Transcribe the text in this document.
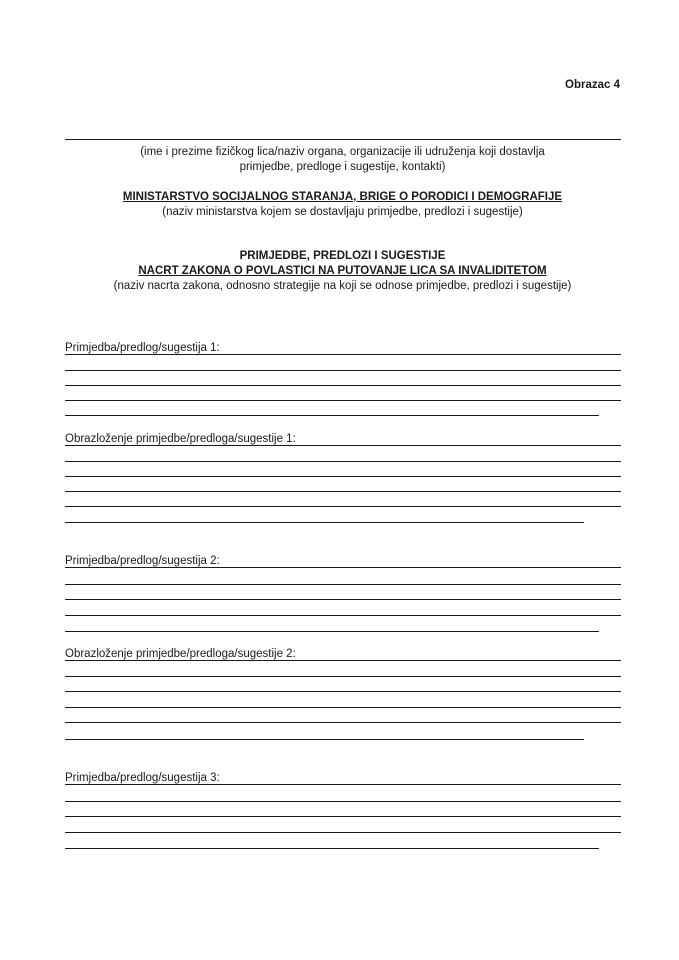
Obrazac 4
(ime i prezime fizičkog lica/naziv organa, organizacije ili udruženja koji dostavlja
primjedbe, predloge i sugestije, kontakti)
MINISTARSTVO SOCIJALNOG STARANJA, BRIGE O PORODICI I DEMOGRAFIJE
(naziv ministarstva kojem se dostavljaju primjedbe, predlozi i sugestije)
PRIMJEDBE, PREDLOZI I SUGESTIJE
NACRT ZAKONA O POVLASTICI NA PUTOVANJE LICA SA INVALIDITETOM
(naziv nacrta zakona, odnosno strategije na koji se odnose primjedbe, predlozi i sugestije)
Primjedba/predlog/sugestija 1:
Obrazloženje primjedbe/predloga/sugestije 1:
Primjedba/predlog/sugestija 2:
Obrazloženje primjedbe/predloga/sugestije 2:
Primjedba/predlog/sugestija 3:
